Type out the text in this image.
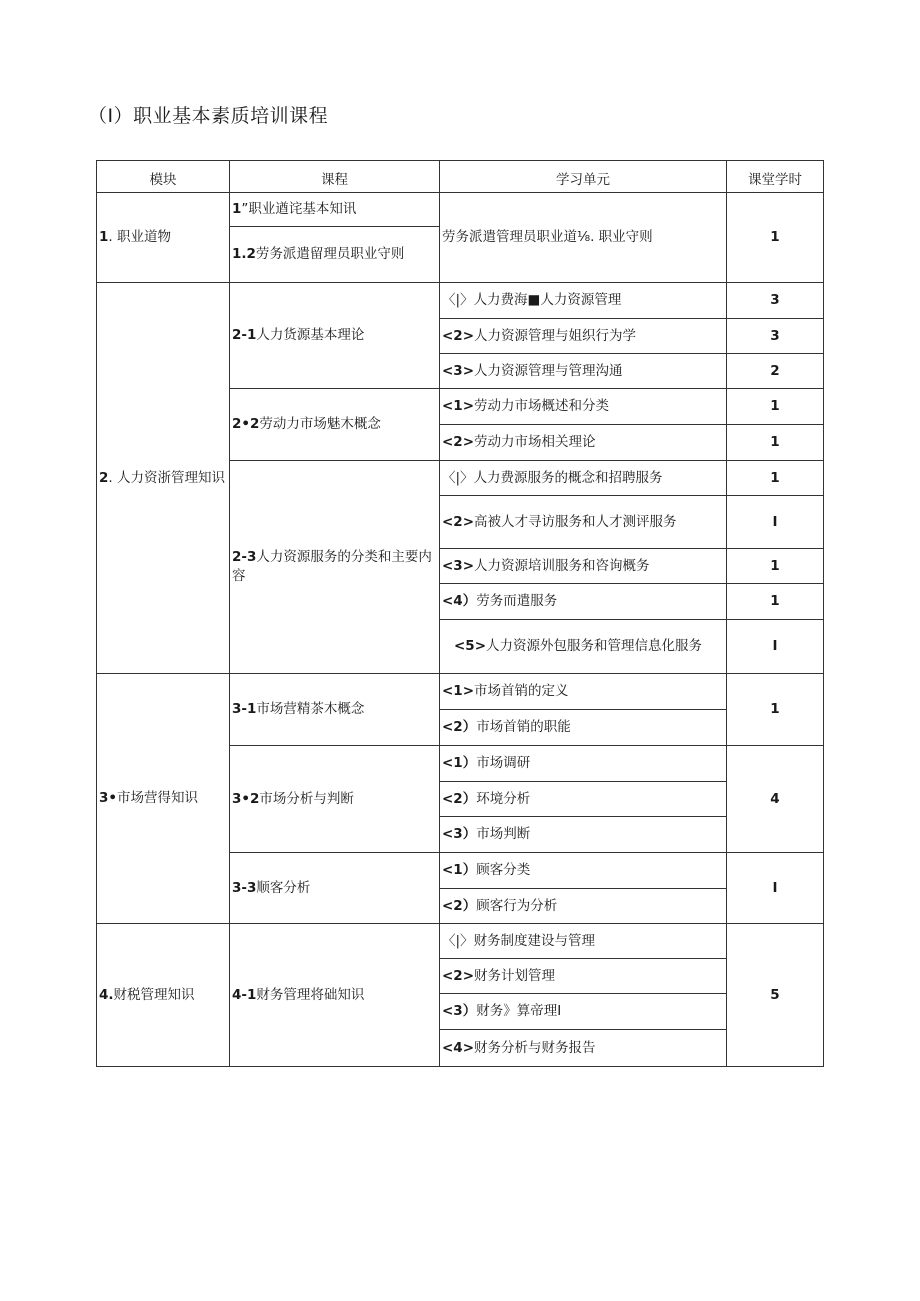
（I）职业基本素质培训课程
模块	课程	学习单元	课堂学时
1. 职业道物	1”职业遒诧基本知讯	劳务派遣管理员职业道⅛. 职业守则	1
	1.2劳务派遣留理员职业守则		
2. 人力资浙管理知识	2-1人力货源基本理论	〈|〉人力费海■人力资源管理	3
		<2>人力资源管理与姐织行为学	3
		<3>人力资源管理与管理沟通	2
	2•2劳动力市场魅木概念	<1>劳动力市场概述和分类	1
		<2>劳动力市场相关理论	1
	2-3人力资源服务的分类和主要内容	〈|〉人力费源服务的概念和招聘服务	1
		<2>高被人才寻访服务和人才测评服务	I
		<3>人力资源培训服务和咨询概务	1
		<4）劳务而遣服务	1
		<5>人力资源外包服务和管理信息化服务	I
3•市场营得知识	3-1市场营精茶木概念	<1>市场首销的定义	1
		<2）市场首销的职能	
	3•2市场分析与判断	<1）市场调研	4
		<2）环境分析	
		<3）市场判断	
	3-3顺客分析	<1）顾客分类	I
		<2）顾客行为分析	
4.财税管理知识	4-1财务管理将础知识	〈|〉财务制度建设与管理	5
		<2>财务计划管理	
		<3）财务》算帝理I	
		<4>财务分析与财务报告	
